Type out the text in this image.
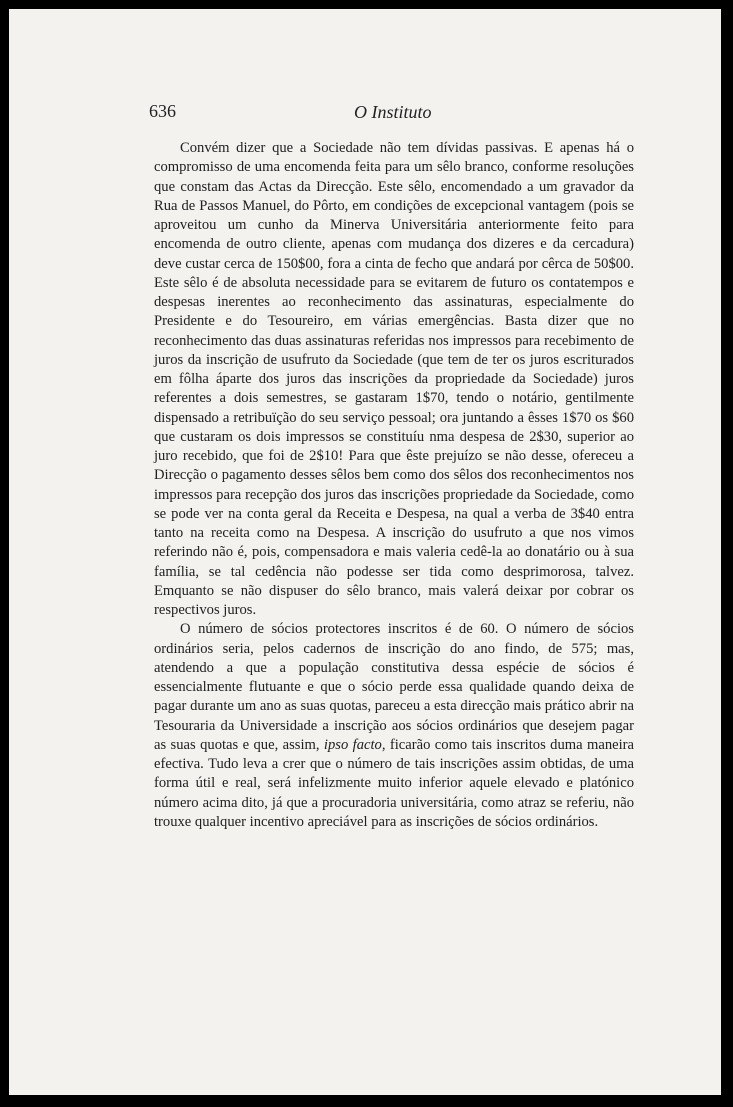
636	O Instituto

Convém dizer que a Sociedade não tem dívidas passivas. E apenas há o compromisso de uma encomenda feita para um sêlo branco, conforme resoluções que constam das Actas da Direcção. Este sêlo, encomendado a um gravador da Rua de Passos Manuel, do Pôrto, em condições de excepcional vantagem (pois se aproveitou um cunho da Minerva Universitária anteriormente feito para encomenda de outro cliente, apenas com mudança dos dizeres e da cercadura) deve custar cerca de 150$00, fora a cinta de fecho que andará por cêrca de 50$00. Este sêlo é de absoluta necessidade para se evitarem de futuro os contatempos e despesas inerentes ao reconhecimento das assinaturas, especialmente do Presidente e do Tesoureiro, em várias emergências. Basta dizer que no reconhecimento das duas assinaturas referidas nos impressos para recebimento de juros da inscrição de usufruto da Sociedade (que tem de ter os juros escriturados em fôlha áparte dos juros das inscrições da propriedade da Sociedade) juros referentes a dois semestres, se gastaram 1$70, tendo o notário, gentilmente dispensado a retribuïção do seu serviço pessoal; ora juntando a êsses 1$70 os $60 que custaram os dois impressos se constituíu nma despesa de 2$30, superior ao juro recebido, que foi de 2$10! Para que êste prejuízo se não desse, ofereceu a Direcção o pagamento desses sêlos bem como dos sêlos dos reconhecimentos nos impressos para recepção dos juros das inscrições propriedade da Sociedade, como se pode ver na conta geral da Receita e Despesa, na qual a verba de 3$40 entra tanto na receita como na Despesa. A inscrição do usufruto a que nos vimos referindo não é, pois, compensadora e mais valeria cedê-la ao donatário ou à sua família, se tal cedência não podesse ser tida como desprimorosa, talvez. Emquanto se não dispuser do sêlo branco, mais valerá deixar por cobrar os respectivos juros.

O número de sócios protectores inscritos é de 60. O número de sócios ordinários seria, pelos cadernos de inscrição do ano findo, de 575; mas, atendendo a que a população constitutiva dessa espécie de sócios é essencialmente flutuante e que o sócio perde essa qualidade quando deixa de pagar durante um ano as suas quotas, pareceu a esta direcção mais prático abrir na Tesouraria da Universidade a inscrição aos sócios ordinários que desejem pagar as suas quotas e que, assim, ipso facto, ficarão como tais inscritos duma maneira efectiva. Tudo leva a crer que o número de tais inscrições assim obtidas, de uma forma útil e real, será infelizmente muito inferior aquele elevado e platónico número acima dito, já que a procuradoria universitária, como atraz se referiu, não trouxe qualquer incentivo apreciável para as inscrições de sócios ordinários.
